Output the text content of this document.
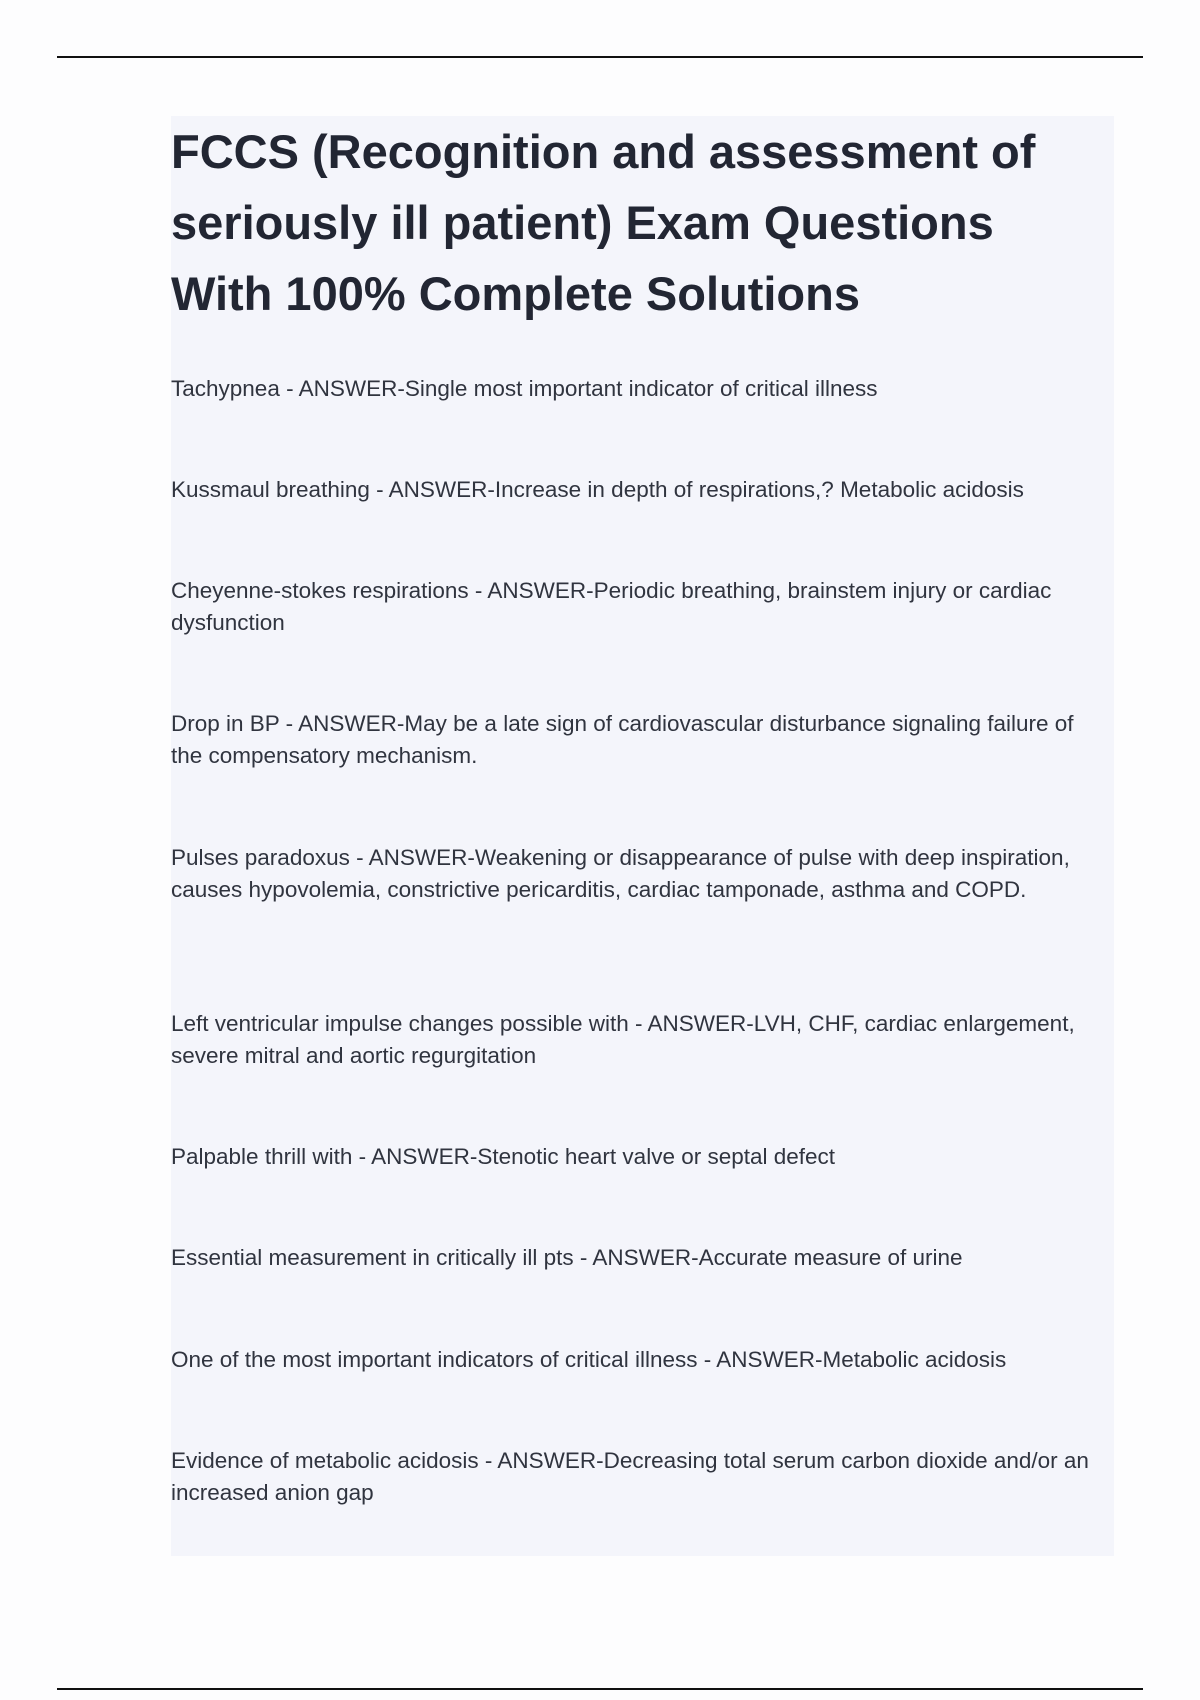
FCCS (Recognition and assessment of seriously ill patient) Exam Questions With 100% Complete Solutions
Tachypnea - ANSWER-Single most important indicator of critical illness
Kussmaul breathing - ANSWER-Increase in depth of respirations,? Metabolic acidosis
Cheyenne-stokes respirations - ANSWER-Periodic breathing, brainstem injury or cardiac dysfunction
Drop in BP - ANSWER-May be a late sign of cardiovascular disturbance signaling failure of the compensatory mechanism.
Pulses paradoxus - ANSWER-Weakening or disappearance of pulse with deep inspiration, causes hypovolemia, constrictive pericarditis, cardiac tamponade, asthma and COPD.
Left ventricular impulse changes possible with - ANSWER-LVH, CHF, cardiac enlargement, severe mitral and aortic regurgitation
Palpable thrill with - ANSWER-Stenotic heart valve or septal defect
Essential measurement in critically ill pts - ANSWER-Accurate measure of urine
One of the most important indicators of critical illness - ANSWER-Metabolic acidosis
Evidence of metabolic acidosis - ANSWER-Decreasing total serum carbon dioxide and/or an increased anion gap
